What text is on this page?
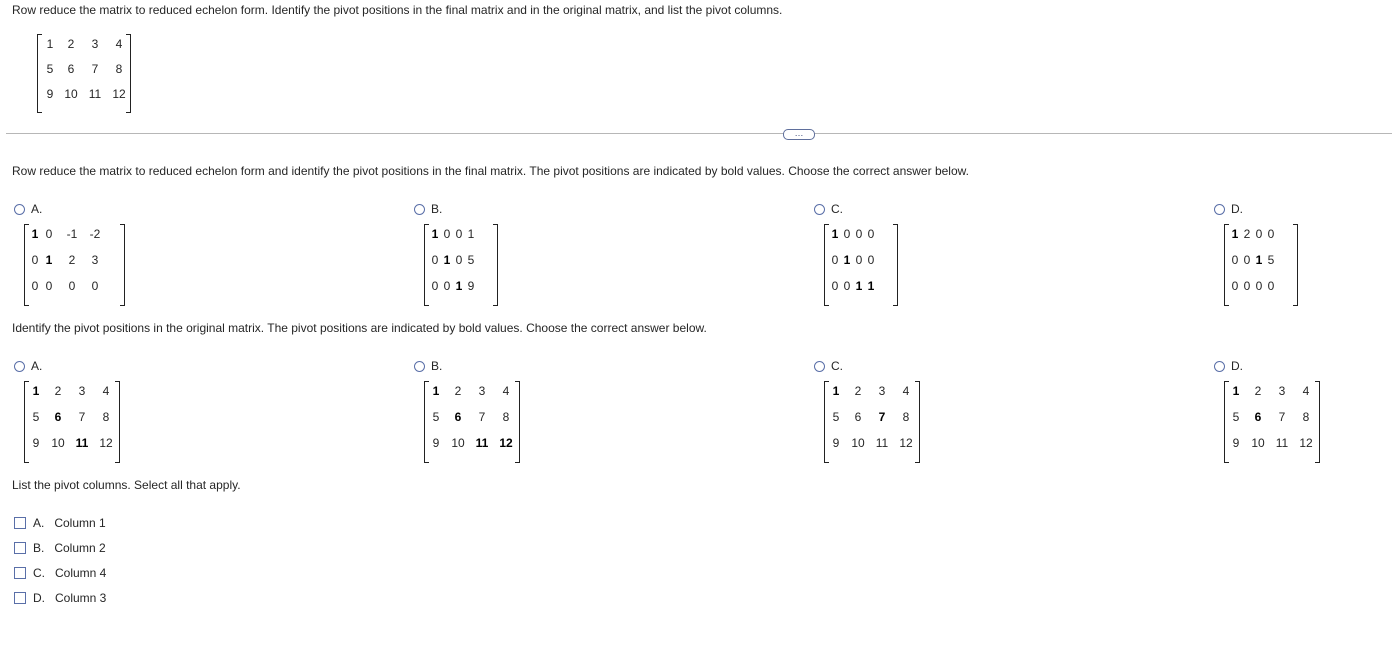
Row reduce the matrix to reduced echelon form. Identify the pivot positions in the final matrix and in the original matrix, and list the pivot columns.
1	2	3	4
5	6	7	8
9 10 11 12
…
Row reduce the matrix to reduced echelon form and identify the pivot positions in the final matrix. The pivot positions are indicated by bold values. Choose the correct answer below.
A.
1 0	-1	-2
0 1	2	3
0 0	0	0
B.
1 0 0 1
0 1 0 5
0 0 1 9
C.
1 0 0 0
0 1 0 0
0 0 1 1
D.
1 2 0 0
0 0 1 5
0 0 0 0
Identify the pivot positions in the original matrix. The pivot positions are indicated by bold values. Choose the correct answer below.
A.
1	2	3	4
5	6	7	8
9 10 11 12
B.
1	2	3	4
5	6	7	8
9 10 11 12
C.
1	2	3	4
5	6	7	8
9 10 11 12
D.
1	2	3	4
5	6	7	8
9 10 11 12
List the pivot columns. Select all that apply.
A. Column 1
B. Column 2
C. Column 4
D. Column 3
